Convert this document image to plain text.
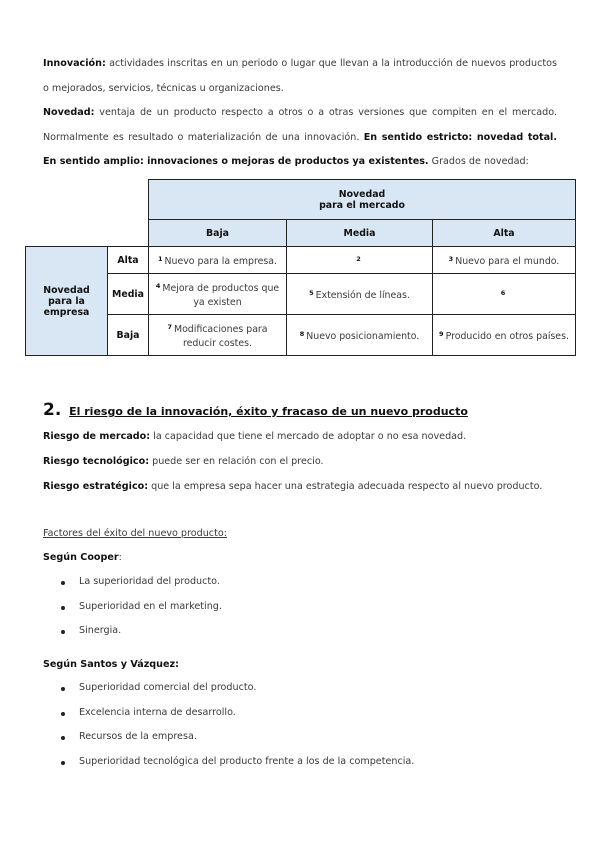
Innovación: actividades inscritas en un periodo o lugar que llevan a la introducción de nuevos productos o mejorados, servicios, técnicas u organizaciones.
Novedad: ventaja de un producto respecto a otros o a otras versiones que compiten en el mercado. Normalmente es resultado o materialización de una innovación. En sentido estricto: novedad total. En sentido amplio: innovaciones o mejoras de productos ya existentes. Grados de novedad:

		Novedad
para el mercado		

		Baja	Media	Alta
Novedad para la empresa	Alta	$^1$ Nuevo para la empresa.	$^2$	$^3$ Nuevo para el mundo.
	Media	$^4$ Mejora de productos que ya existen	$^5$ Extensión de líneas.	$^6$
	Baja	$^7$ Modificaciones para reducir costes.	$^8$ Nuevo posicionamiento.	$^9$ Producido en otros países.
2. El riesgo de la innovación, éxito y fracaso de un nuevo producto
Riesgo de mercado: la capacidad que tiene el mercado de adoptar o no esa novedad.
Riesgo tecnológico: puede ser en relación con el precio.
Riesgo estratégico: que la empresa sepa hacer una estrategia adecuada respecto al nuevo producto.
Factores del éxito del nuevo producto:
Según Cooper:
La superioridad del producto.
Superioridad en el marketing.
Sinergia.
Según Santos y Vázquez:
Superioridad comercial del producto.
Excelencia interna de desarrollo.
Recursos de la empresa.
Superioridad tecnológica del producto frente a los de la competencia.
